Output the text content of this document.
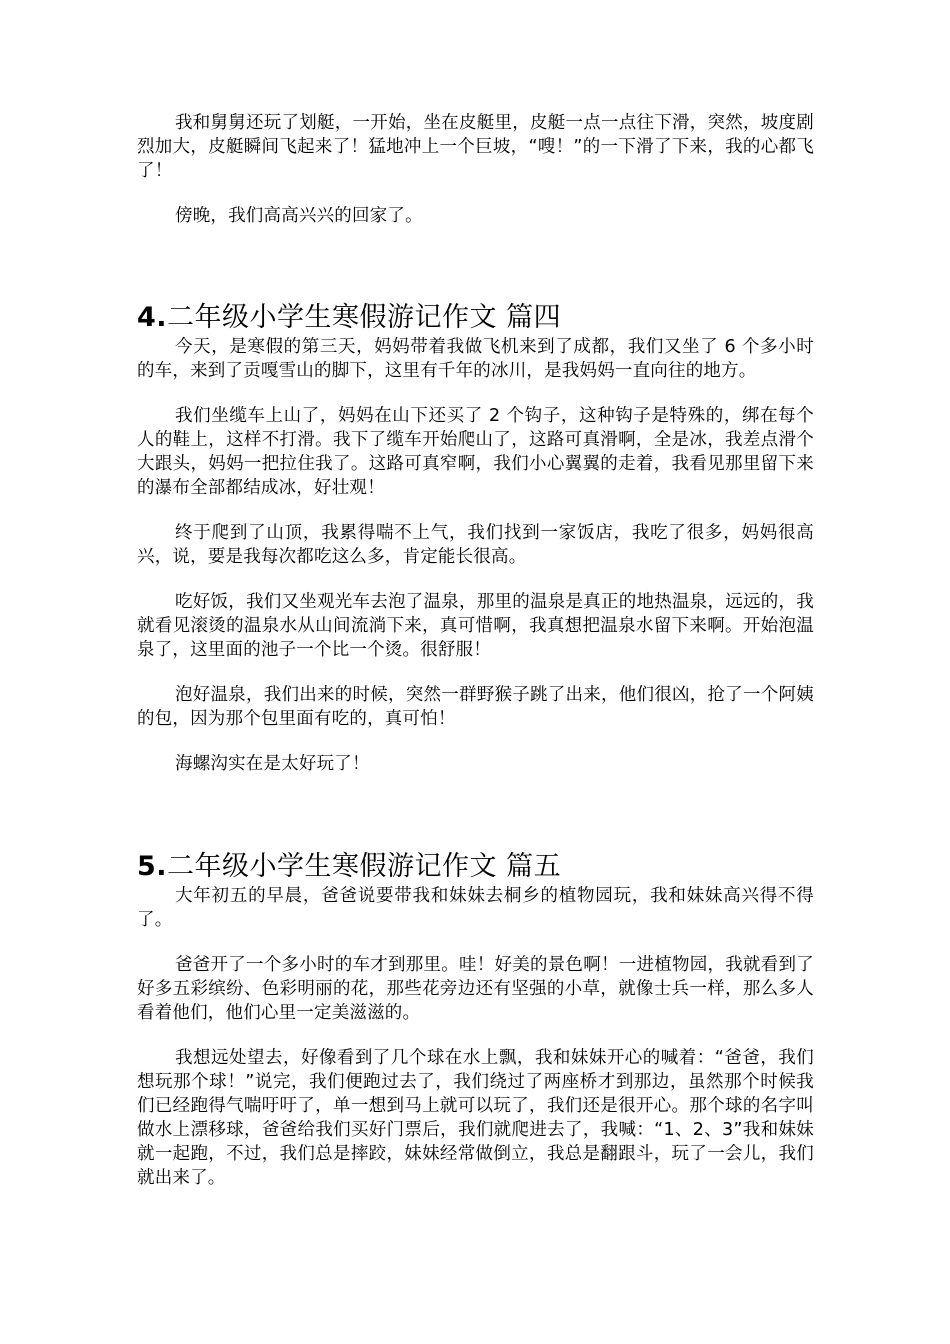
我和舅舅还玩了划艇，一开始，坐在皮艇里，皮艇一点一点往下滑，突然，坡度剧烈加大，皮艇瞬间飞起来了！猛地冲上一个巨坡，“嗖！”的一下滑了下来，我的心都飞了！

傍晚，我们高高兴兴的回家了。

4.二年级小学生寒假游记作文 篇四

今天，是寒假的第三天，妈妈带着我做飞机来到了成都，我们又坐了 6 个多小时的车，来到了贡嘎雪山的脚下，这里有千年的冰川，是我妈妈一直向往的地方。

我们坐缆车上山了，妈妈在山下还买了 2 个钩子，这种钩子是特殊的，绑在每个人的鞋上，这样不打滑。我下了缆车开始爬山了，这路可真滑啊，全是冰，我差点滑个大跟头，妈妈一把拉住我了。这路可真窄啊，我们小心翼翼的走着，我看见那里留下来的瀑布全部都结成冰，好壮观！

终于爬到了山顶，我累得喘不上气，我们找到一家饭店，我吃了很多，妈妈很高兴，说，要是我每次都吃这么多，肯定能长很高。

吃好饭，我们又坐观光车去泡了温泉，那里的温泉是真正的地热温泉，远远的，我就看见滚烫的温泉水从山间流淌下来，真可惜啊，我真想把温泉水留下来啊。开始泡温泉了，这里面的池子一个比一个烫。很舒服！

泡好温泉，我们出来的时候，突然一群野猴子跳了出来，他们很凶，抢了一个阿姨的包，因为那个包里面有吃的，真可怕！

海螺沟实在是太好玩了！

5.二年级小学生寒假游记作文 篇五

大年初五的早晨，爸爸说要带我和妹妹去桐乡的植物园玩，我和妹妹高兴得不得了。

爸爸开了一个多小时的车才到那里。哇！好美的景色啊！一进植物园，我就看到了好多五彩缤纷、色彩明丽的花，那些花旁边还有坚强的小草，就像士兵一样，那么多人看着他们，他们心里一定美滋滋的。

我想远处望去，好像看到了几个球在水上飘，我和妹妹开心的喊着：“爸爸，我们想玩那个球！”说完，我们便跑过去了，我们绕过了两座桥才到那边，虽然那个时候我们已经跑得气喘吁吁了，单一想到马上就可以玩了，我们还是很开心。那个球的名字叫做水上漂移球，爸爸给我们买好门票后，我们就爬进去了，我喊：“1、2、3”我和妹妹就一起跑，不过，我们总是摔跤，妹妹经常做倒立，我总是翻跟斗，玩了一会儿，我们就出来了。
